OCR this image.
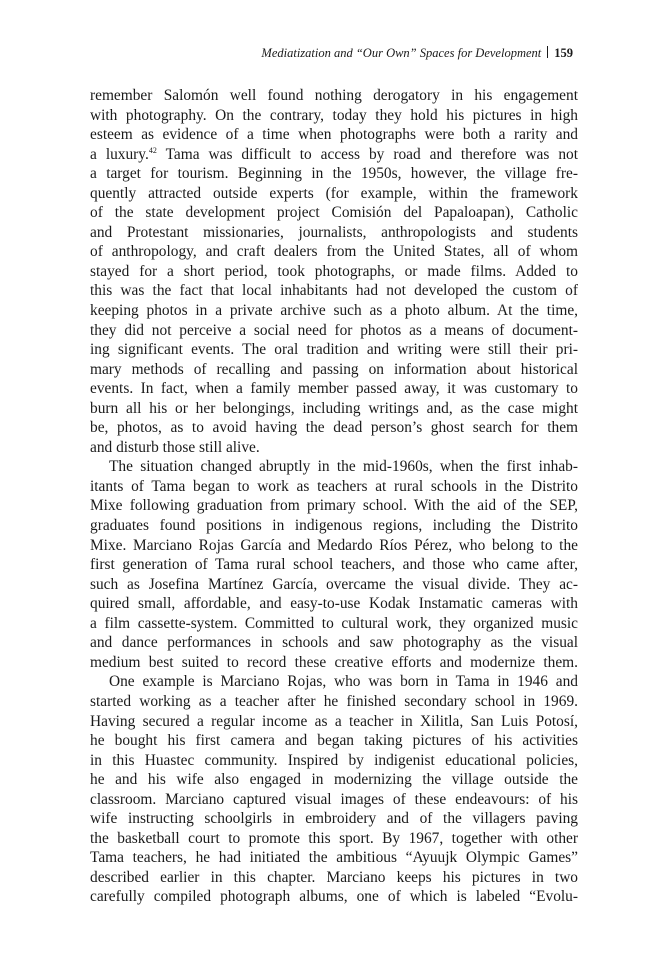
Mediatization and “Our Own” Spaces for Development 159
remember Salomón well found nothing derogatory in his engagement
with photography. On the contrary, today they hold his pictures in high
esteem as evidence of a time when photographs were both a rarity and
a luxury.$^{42}$ Tama was difficult to access by road and therefore was not
a target for tourism. Beginning in the 1950s, however, the village fre-
quently attracted outside experts (for example, within the framework
of the state development project Comisión del Papaloapan), Catholic
and Protestant missionaries, journalists, anthropologists and students
of anthropology, and craft dealers from the United States, all of whom
stayed for a short period, took photographs, or made films. Added to
this was the fact that local inhabitants had not developed the custom of
keeping photos in a private archive such as a photo album. At the time,
they did not perceive a social need for photos as a means of document-
ing significant events. The oral tradition and writing were still their pri-
mary methods of recalling and passing on information about historical
events. In fact, when a family member passed away, it was customary to
burn all his or her belongings, including writings and, as the case might
be, photos, as to avoid having the dead person’s ghost search for them
and disturb those still alive.
The situation changed abruptly in the mid-1960s, when the first inhab-
itants of Tama began to work as teachers at rural schools in the Distrito
Mixe following graduation from primary school. With the aid of the SEP,
graduates found positions in indigenous regions, including the Distrito
Mixe. Marciano Rojas García and Medardo Ríos Pérez, who belong to the
first generation of Tama rural school teachers, and those who came after,
such as Josefina Martínez García, overcame the visual divide. They ac-
quired small, affordable, and easy-to-use Kodak Instamatic cameras with
a film cassette-system. Committed to cultural work, they organized music
and dance performances in schools and saw photography as the visual
medium best suited to record these creative efforts and modernize them.
One example is Marciano Rojas, who was born in Tama in 1946 and
started working as a teacher after he finished secondary school in 1969.
Having secured a regular income as a teacher in Xilitla, San Luis Potosí,
he bought his first camera and began taking pictures of his activities
in this Huastec community. Inspired by indigenist educational policies,
he and his wife also engaged in modernizing the village outside the
classroom. Marciano captured visual images of these endeavours: of his
wife instructing schoolgirls in embroidery and of the villagers paving
the basketball court to promote this sport. By 1967, together with other
Tama teachers, he had initiated the ambitious “Ayuujk Olympic Games”
described earlier in this chapter. Marciano keeps his pictures in two
carefully compiled photograph albums, one of which is labeled “Evolu-
